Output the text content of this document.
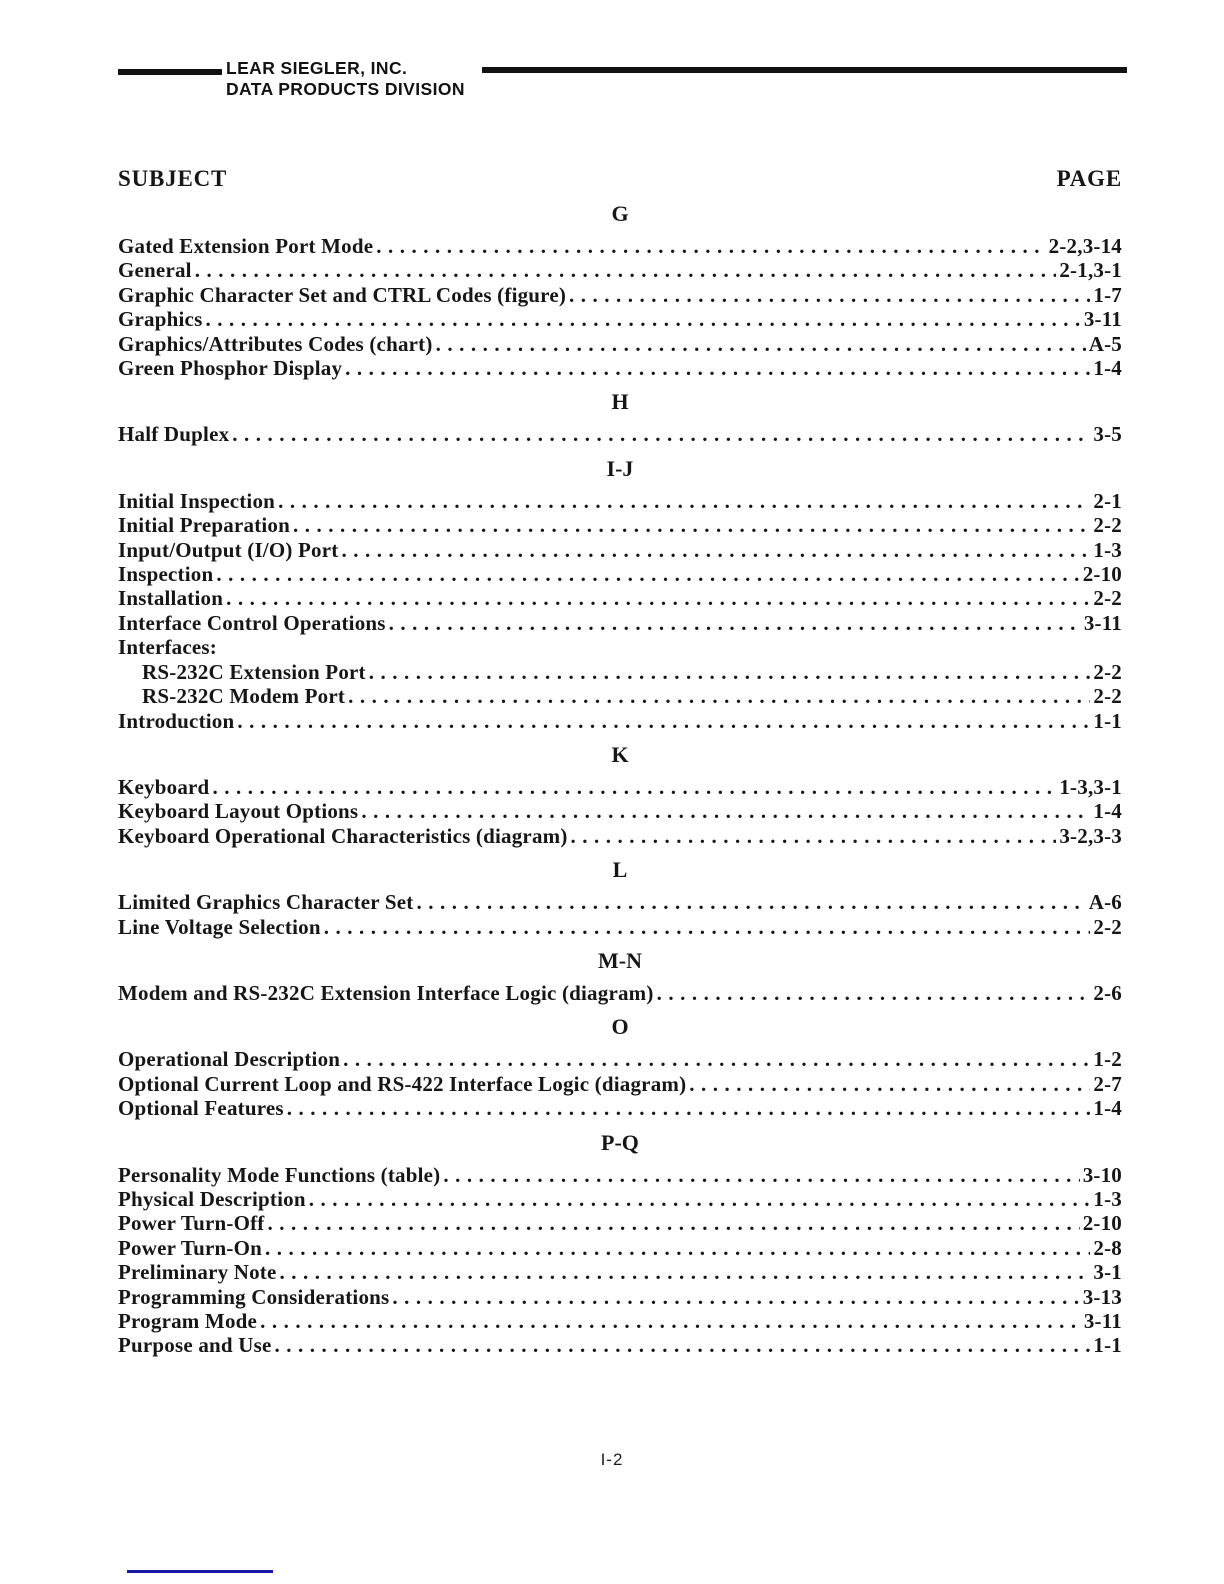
LEAR SIEGLER, INC.
DATA PRODUCTS DIVISION
SUBJECT	PAGE
G
Gated Extension Port Mode .....	2-2,3-14
General .....	2-1,3-1
Graphic Character Set and CTRL Codes (figure) .....	1-7
Graphics .....	3-11
Graphics/Attributes Codes (chart) .....	A-5
Green Phosphor Display .....	1-4
H
Half Duplex .....	3-5
I-J
Initial Inspection .....	2-1
Initial Preparation .....	2-2
Input/Output (I/O) Port .....	1-3
Inspection .....	2-10
Installation .....	2-2
Interface Control Operations .....	3-11
Interfaces:
RS-232C Extension Port .....	2-2
RS-232C Modem Port .....	2-2
Introduction .....	1-1
K
Keyboard .....	1-3,3-1
Keyboard Layout Options .....	1-4
Keyboard Operational Characteristics (diagram) .....	3-2,3-3
L
Limited Graphics Character Set .....	A-6
Line Voltage Selection .....	2-2
M-N
Modem and RS-232C Extension Interface Logic (diagram) .....	2-6
O
Operational Description .....	1-2
Optional Current Loop and RS-422 Interface Logic (diagram) .....	2-7
Optional Features .....	1-4
P-Q
Personality Mode Functions (table) .....	3-10
Physical Description .....	1-3
Power Turn-Off .....	2-10
Power Turn-On .....	2-8
Preliminary Note .....	3-1
Programming Considerations .....	3-13
Program Mode .....	3-11
Purpose and Use .....	1-1
I-2
